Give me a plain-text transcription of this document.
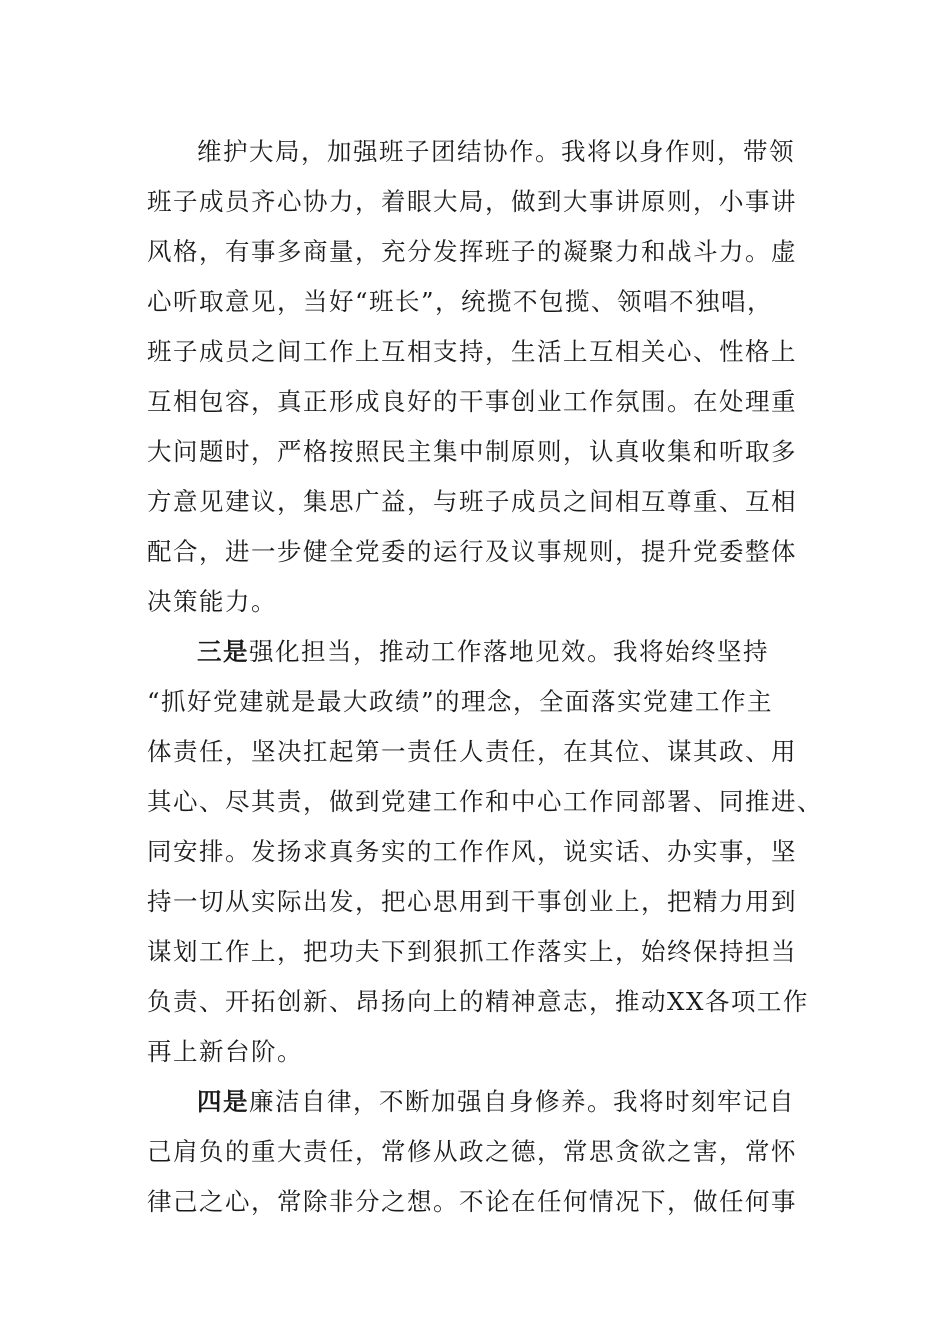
维护大局，加强班子团结协作。我将以身作则，带领
班子成员齐心协力，着眼大局，做到大事讲原则，小事讲
风格，有事多商量，充分发挥班子的凝聚力和战斗力。虚
心听取意见，当好“班长”，统揽不包揽、领唱不独唱，
班子成员之间工作上互相支持，生活上互相关心、性格上
互相包容，真正形成良好的干事创业工作氛围。在处理重
大问题时，严格按照民主集中制原则，认真收集和听取多
方意见建议，集思广益，与班子成员之间相互尊重、互相
配合，进一步健全党委的运行及议事规则，提升党委整体
决策能力。
三是强化担当，推动工作落地见效。我将始终坚持
“抓好党建就是最大政绩”的理念，全面落实党建工作主
体责任，坚决扛起第一责任人责任，在其位、谋其政、用
其心、尽其责，做到党建工作和中心工作同部署、同推进、
同安排。发扬求真务实的工作作风，说实话、办实事，坚
持一切从实际出发，把心思用到干事创业上，把精力用到
谋划工作上，把功夫下到狠抓工作落实上，始终保持担当
负责、开拓创新、昂扬向上的精神意志，推动XX各项工作
再上新台阶。
四是廉洁自律，不断加强自身修养。我将时刻牢记自
己肩负的重大责任，常修从政之德，常思贪欲之害，常怀
律己之心，常除非分之想。不论在任何情况下，做任何事
